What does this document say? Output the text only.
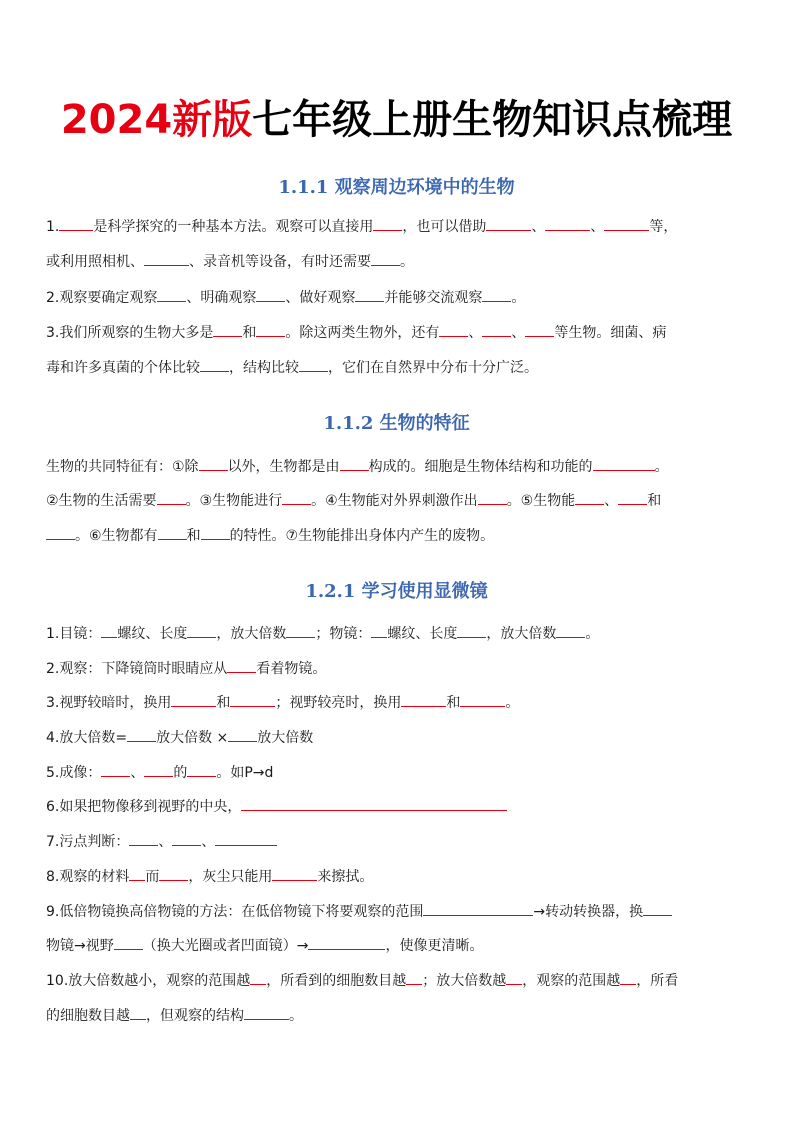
2024新版七年级上册生物知识点梳理
1.1.1 观察周边环境中的生物
1.1.2 生物的特征
1.2.1 学习使用显微镜
1. 是科学探究的一种基本方法。观察可以直接用 ，也可以借助	、	、	等，
或利用照相机、	、录音机等设备，有时还需要 。
2.观察要确定观察 、明确观察 、做好观察 并能够交流观察 。
3.我们所观察的生物大多是 和 。除这两类生物外，还有 、 、 等生物。细菌、病
毒和许多真菌的个体比较 ，结构比较 ，它们在自然界中分布十分广泛。
生物的共同特征有：①除 以外，生物都是由 构成的。细胞是生物体结构和功能的	。
②生物的生活需要 。③生物能进行 。④生物能对外界刺激作出 。⑤生物能 、 和
。⑥生物都有 和 的特性。⑦生物能排出身体内产生的废物。
1.目镜： 螺纹、长度 ，放大倍数 ；物镜： 螺纹、长度 ，放大倍数 。
2.观察：下降镜筒时眼睛应从 看着物镜。
3.视野较暗时，换用	和	；视野较亮时，换用	和	。
4.放大倍数= 放大倍数 × 放大倍数
5.成像： 、 的 。如P→d
6.如果把物像移到视野的中央，
7.污点判断： 、 、
8.观察的材料 而 ，灰尘只能用	来擦拭。
9.低倍物镜换高倍物镜的方法：在低倍物镜下将要观察的范围	→转动转换器，换
物镜→视野 （换大光圈或者凹面镜）→	，使像更清晰。
10.放大倍数越小，观察的范围越 ，所看到的细胞数目越 ；放大倍数越 ，观察的范围越 ，所看
的细胞数目越 ，但观察的结构	。
